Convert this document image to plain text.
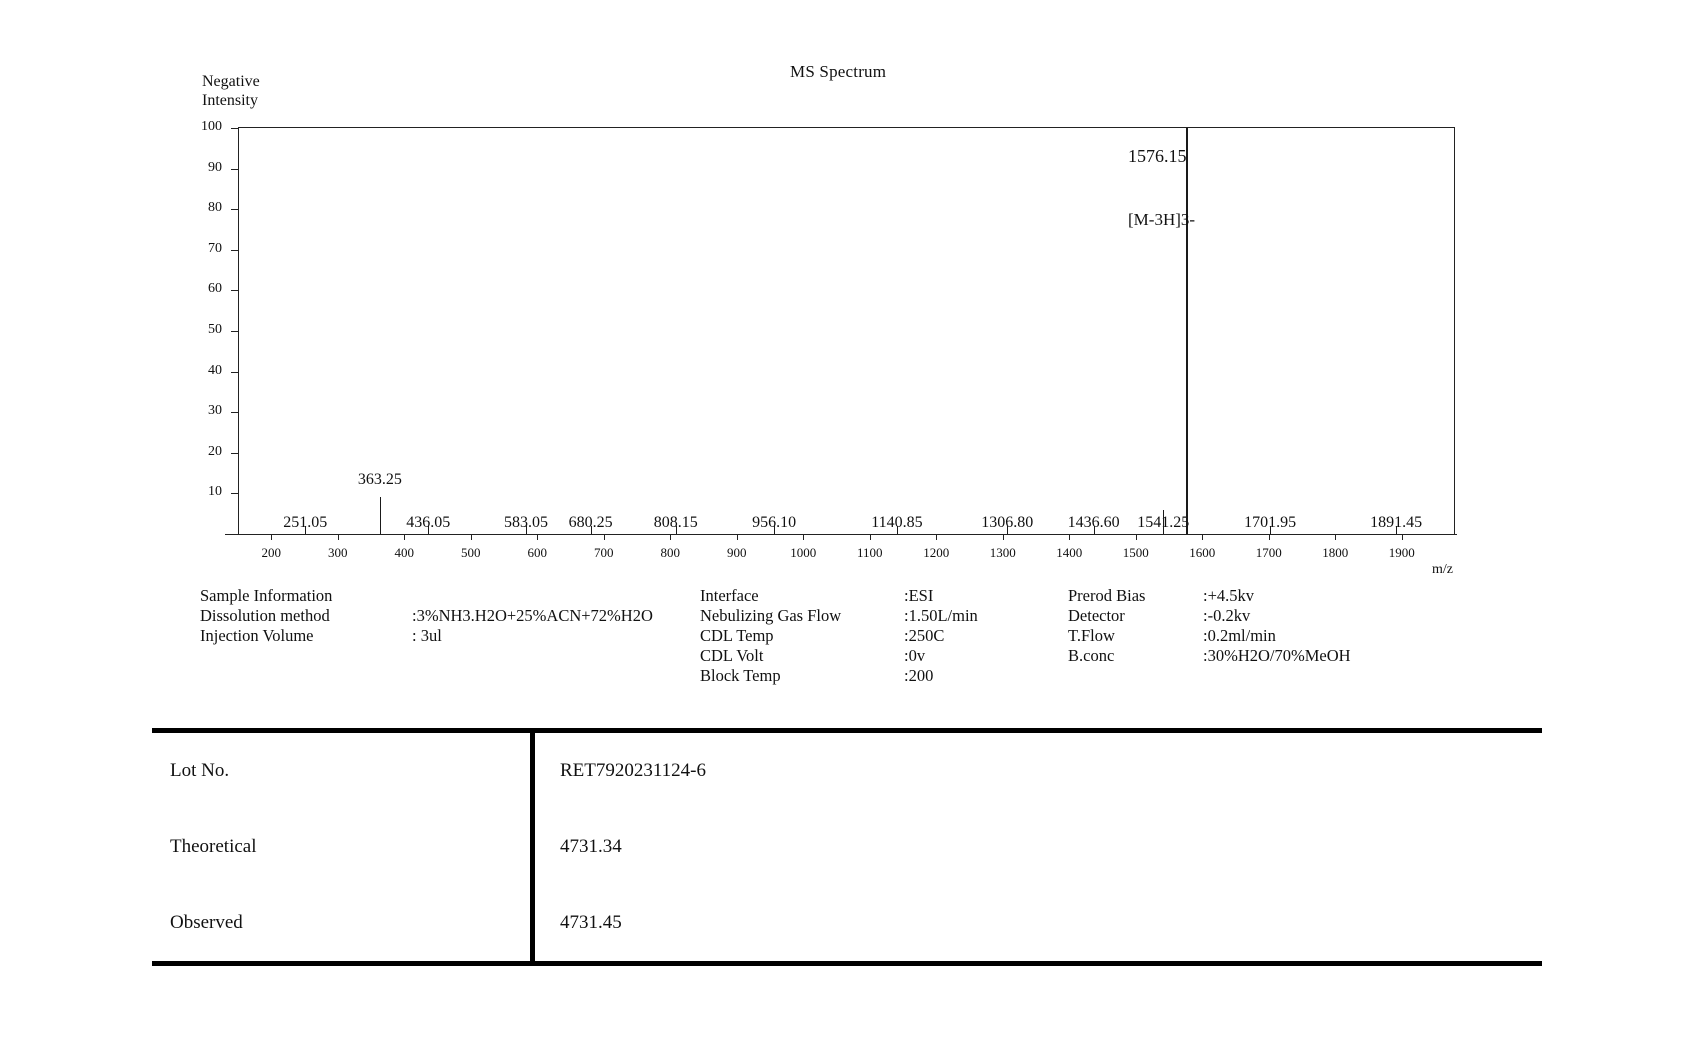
MS Spectrum
Negative
Intensity
100
90
80
70
60
50
40
30
20
10
200	300	400	500	600	700	800	900	1000	1100	1200	1300	1400	1500	1600	1700	1800	1900
251.05
363.25
436.05	583.05	680.25	808.15	956.10	1140.85	1306.80	1436.60	1541.25	1701.95	1891.45
1576.15
[M-3H]3-
m/z
Sample Information
Dissolution method	:3%NH3.H2O+25%ACN+72%H2O
Injection Volume	: 3ul
Interface	:ESI
Nebulizing Gas Flow	:1.50L/min
CDL Temp	:250C
CDL Volt	:0v
Block Temp	:200
Prerod Bias	:+4.5kv
Detector	:-0.2kv
T.Flow	:0.2ml/min
B.conc	:30%H2O/70%MeOH
Lot No.	RET7920231124-6
Theoretical	4731.34
Observed	4731.45
